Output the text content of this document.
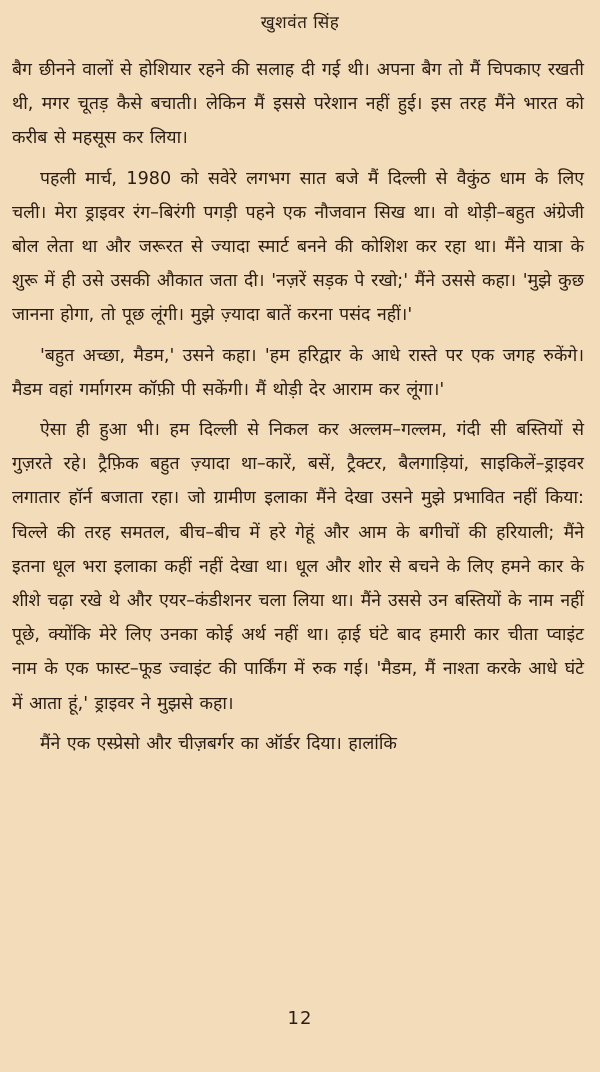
खुशवंत सिंह

बैग छीनने वालों से होशियार रहने की सलाह दी गई थी। अपना बैग तो मैं चिपकाए रखती थी, मगर चूतड़ कैसे बचाती। लेकिन मैं इससे परेशान नहीं हुई। इस तरह मैंने भारत को करीब से महसूस कर लिया।

पहली मार्च, 1980 को सवेरे लगभग सात बजे मैं दिल्ली से वैकुंठ धाम के लिए चली। मेरा ड्राइवर रंग–बिरंगी पगड़ी पहने एक नौजवान सिख था। वो थोड़ी–बहुत अंग्रेजी बोल लेता था और जरूरत से ज्यादा स्मार्ट बनने की कोशिश कर रहा था। मैंने यात्रा के शुरू में ही उसे उसकी औकात जता दी। 'नज़रें सड़क पे रखो;' मैंने उससे कहा। 'मुझे कुछ जानना होगा, तो पूछ लूंगी। मुझे ज़्यादा बातें करना पसंद नहीं।'

'बहुत अच्छा, मैडम,' उसने कहा। 'हम हरिद्वार के आधे रास्ते पर एक जगह रुकेंगे। मैडम वहां गर्मागरम कॉफ़ी पी सकेंगी। मैं थोड़ी देर आराम कर लूंगा।'

ऐसा ही हुआ भी। हम दिल्ली से निकल कर अल्लम–गल्लम, गंदी सी बस्तियों से गुज़रते रहे। ट्रैफ़िक बहुत ज़्यादा था–कारें, बसें, ट्रैक्टर, बैलगाड़ियां, साइकिलें–ड्राइवर लगातार हॉर्न बजाता रहा। जो ग्रामीण इलाका मैंने देखा उसने मुझे प्रभावित नहीं किया: चिल्ले की तरह समतल, बीच–बीच में हरे गेहूं और आम के बगीचों की हरियाली; मैंने इतना धूल भरा इलाका कहीं नहीं देखा था। धूल और शोर से बचने के लिए हमने कार के शीशे चढ़ा रखे थे और एयर–कंडीशनर चला लिया था। मैंने उससे उन बस्तियों के नाम नहीं पूछे, क्योंकि मेरे लिए उनका कोई अर्थ नहीं था। ढ़ाई घंटे बाद हमारी कार चीता प्वाइंट नाम के एक फास्ट–फूड ज्वाइंट की पार्किंग में रुक गई। 'मैडम, मैं नाश्ता करके आधे घंटे में आता हूं,' ड्राइवर ने मुझसे कहा।

मैंने एक एस्प्रेसो और चीज़बर्गर का ऑर्डर दिया। हालांकि

12
